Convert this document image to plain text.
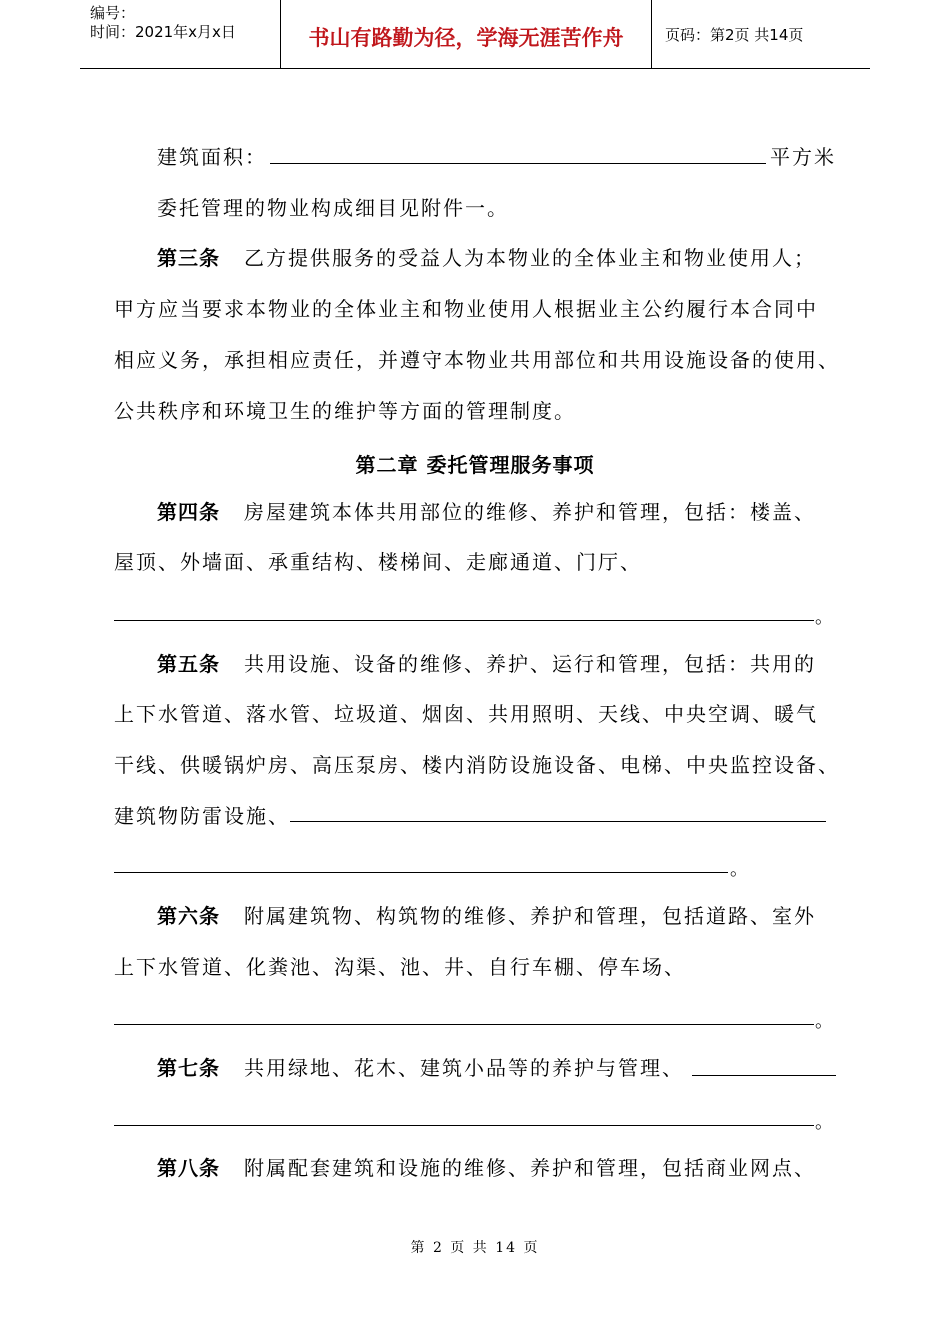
编号：
时间：2021年x月x日	书山有路勤为径，学海无涯苦作舟	页码：第2页 共14页
建筑面积：	平方米
委托管理的物业构成细目见附件一。
第三条 乙方提供服务的受益人为本物业的全体业主和物业使用人；
甲方应当要求本物业的全体业主和物业使用人根据业主公约履行本合同中
相应义务，承担相应责任，并遵守本物业共用部位和共用设施设备的使用、
公共秩序和环境卫生的维护等方面的管理制度。
第二章 委托管理服务事项
第四条 房屋建筑本体共用部位的维修、养护和管理，包括：楼盖、
屋顶、外墙面、承重结构、楼梯间、走廊通道、门厅、
。
第五条 共用设施、设备的维修、养护、运行和管理，包括：共用的
上下水管道、落水管、垃圾道、烟囱、共用照明、天线、中央空调、暖气
干线、供暖锅炉房、高压泵房、楼内消防设施设备、电梯、中央监控设备、
建筑物防雷设施、
。
第六条 附属建筑物、构筑物的维修、养护和管理，包括道路、室外
上下水管道、化粪池、沟渠、池、井、自行车棚、停车场、
。
第七条 共用绿地、花木、建筑小品等的养护与管理、
。
第八条 附属配套建筑和设施的维修、养护和管理，包括商业网点、
第 2 页 共 14 页
